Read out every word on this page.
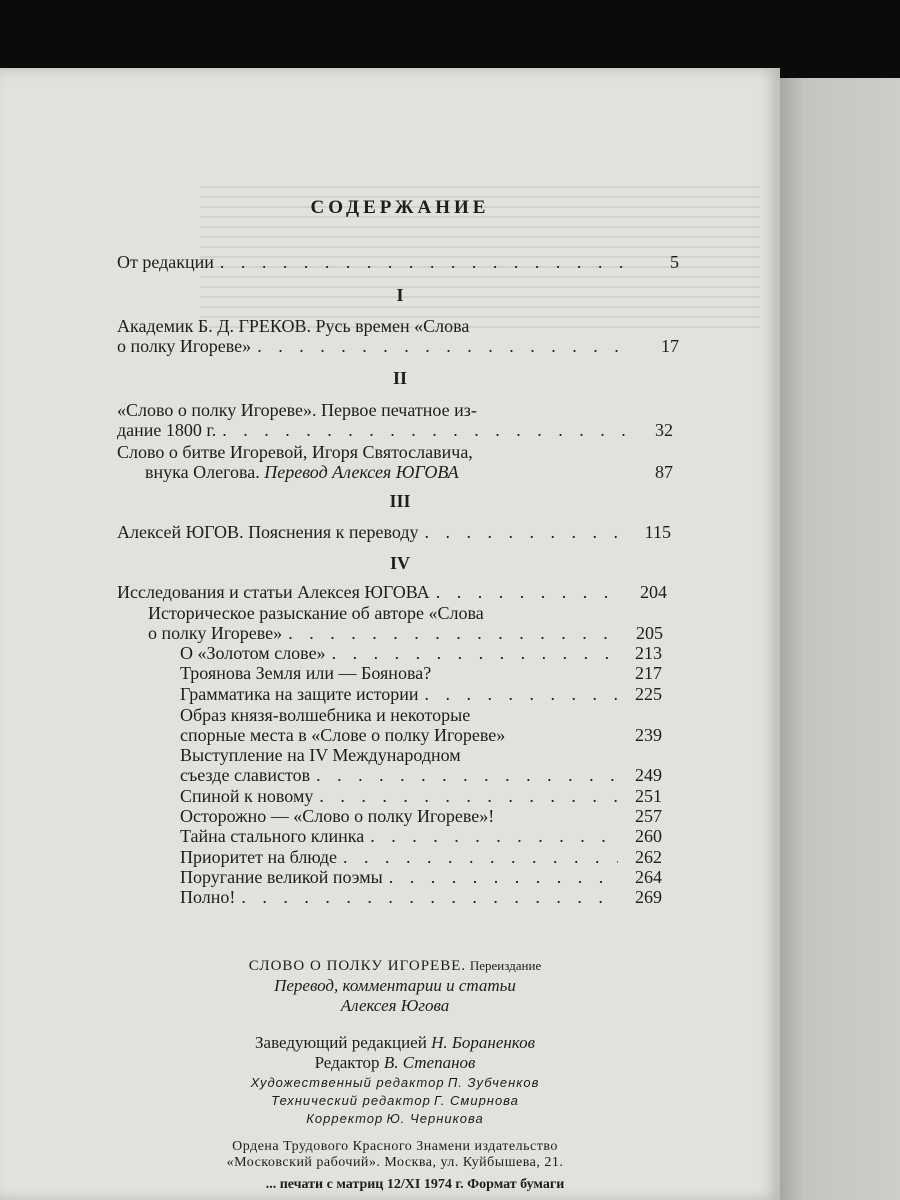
СОДЕРЖАНИЕ
От редакции . . .	5
I
Академик Б. Д. ГРЕКОВ. Русь времен «Слова
о полку Игореве» . . .	17
II
«Слово о полку Игореве». Первое печатное из-
дание 1800 г. . . .	32
Слово о битве Игоревой, Игоря Святославича,
внука Олегова.
Перевод Алексея ЮГОВА	87
III
Алексей ЮГОВ. Пояснения к переводу . . .	115
IV
Исследования и статьи Алексея ЮГОВА . . .	204
Историческое разыскание об авторе «Слова
о полку Игореве» . . .	205
О «Золотом слове» . . .	213
Троянова Земля или — Боянова?	217
Грамматика на защите истории . . .	225
Образ князя-волшебника и некоторые
спорные места в «Слове о полку Игореве»	239
Выступление на IV Международном
съезде славистов . . .	249
Спиной к новому . . .	251
Осторожно — «Слово о полку Игореве»!	257
Тайна стального клинка . . .	260
Приоритет на блюде . . .	262
Поругание великой поэмы . . .	264
Полно! . . .	269
СЛОВО О ПОЛКУ ИГОРЕВЕ. Переиздание
Перевод, комментарии и статьи
Алексея Югова
Заведующий редакцией Н. Бораненков
Редактор В. Степанов
Художественный редактор П. Зубченков
Технический редактор Г. Смирнова
Корректор Ю. Черникова
Ордена Трудового Красного Знамени издательство
«Московский рабочий». Москва, ул. Куйбышева, 21.
... печати с матриц 12/XI 1974 г. Формат бумаги
